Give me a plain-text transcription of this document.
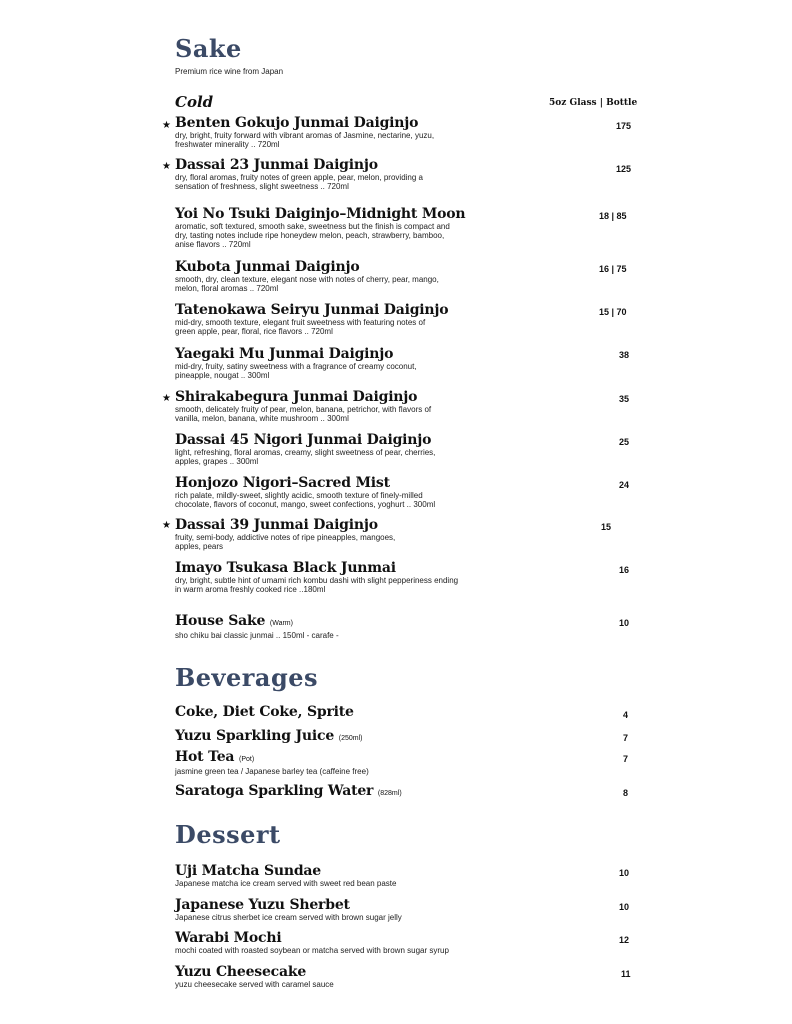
Sake
Premium rice wine from Japan
Cold	5oz Glass | Bottle
★ Benten Gokujo Junmai Daiginjo
dry, bright, fruity forward with vibrant aromas of Jasmine, nectarine, yuzu, freshwater minerality .. 720ml
175
★ Dassai 23 Junmai Daiginjo
dry, floral aromas, fruity notes of green apple, pear, melon, providing a sensation of freshness, slight sweetness .. 720ml
125
Yoi No Tsuki Daiginjo–Midnight Moon
aromatic, soft textured, smooth sake, sweetness but the finish is compact and dry, tasting notes include ripe honeydew melon, peach, strawberry, bamboo, anise flavors .. 720ml
18 | 85
Kubota Junmai Daiginjo
smooth, dry, clean texture, elegant nose with notes of cherry, pear, mango, melon, floral aromas .. 720ml
16 | 75
Tatenokawa Seiryu Junmai Daiginjo
mid-dry, smooth texture, elegant fruit sweetness with featuring notes of green apple, pear, floral, rice flavors .. 720ml
15 | 70
Yaegaki Mu Junmai Daiginjo
mid-dry, fruity, satiny sweetness with a fragrance of creamy coconut, pineapple, nougat .. 300ml
38
★ Shirakabegura Junmai Daiginjo
smooth, delicately fruity of pear, melon, banana, petrichor, with flavors of vanilla, melon, banana, white mushroom .. 300ml
35
Dassai 45 Nigori Junmai Daiginjo
light, refreshing, floral aromas, creamy, slight sweetness of pear, cherries, apples, grapes .. 300ml
25
Honjozo Nigori–Sacred Mist
rich palate, mildly-sweet, slightly acidic, smooth texture of finely-milled chocolate, flavors of coconut, mango, sweet confections, yoghurt .. 300ml
24
★ Dassai 39 Junmai Daiginjo
fruity, semi-body, addictive notes of ripe pineapples, mangoes, apples, pears
15
Imayo Tsukasa Black Junmai
dry, bright, subtle hint of umami rich kombu dashi with slight pepperiness ending in warm aroma freshly cooked rice ..180ml
16
House Sake (Warm)
sho chiku bai classic junmai .. 150ml - carafe -
10
Beverages
Coke, Diet Coke, Sprite	4
Yuzu Sparkling Juice (250ml)	7
Hot Tea (Pot)
jasmine green tea / Japanese barley tea (caffeine free)
7
Saratoga Sparkling Water (828ml)	8
Dessert
Uji Matcha Sundae
Japanese matcha ice cream served with sweet red bean paste
10
Japanese Yuzu Sherbet
Japanese citrus sherbet ice cream served with brown sugar jelly
10
Warabi Mochi
mochi coated with roasted soybean or matcha served with brown sugar syrup
12
Yuzu Cheesecake
yuzu cheesecake served with caramel sauce
11
